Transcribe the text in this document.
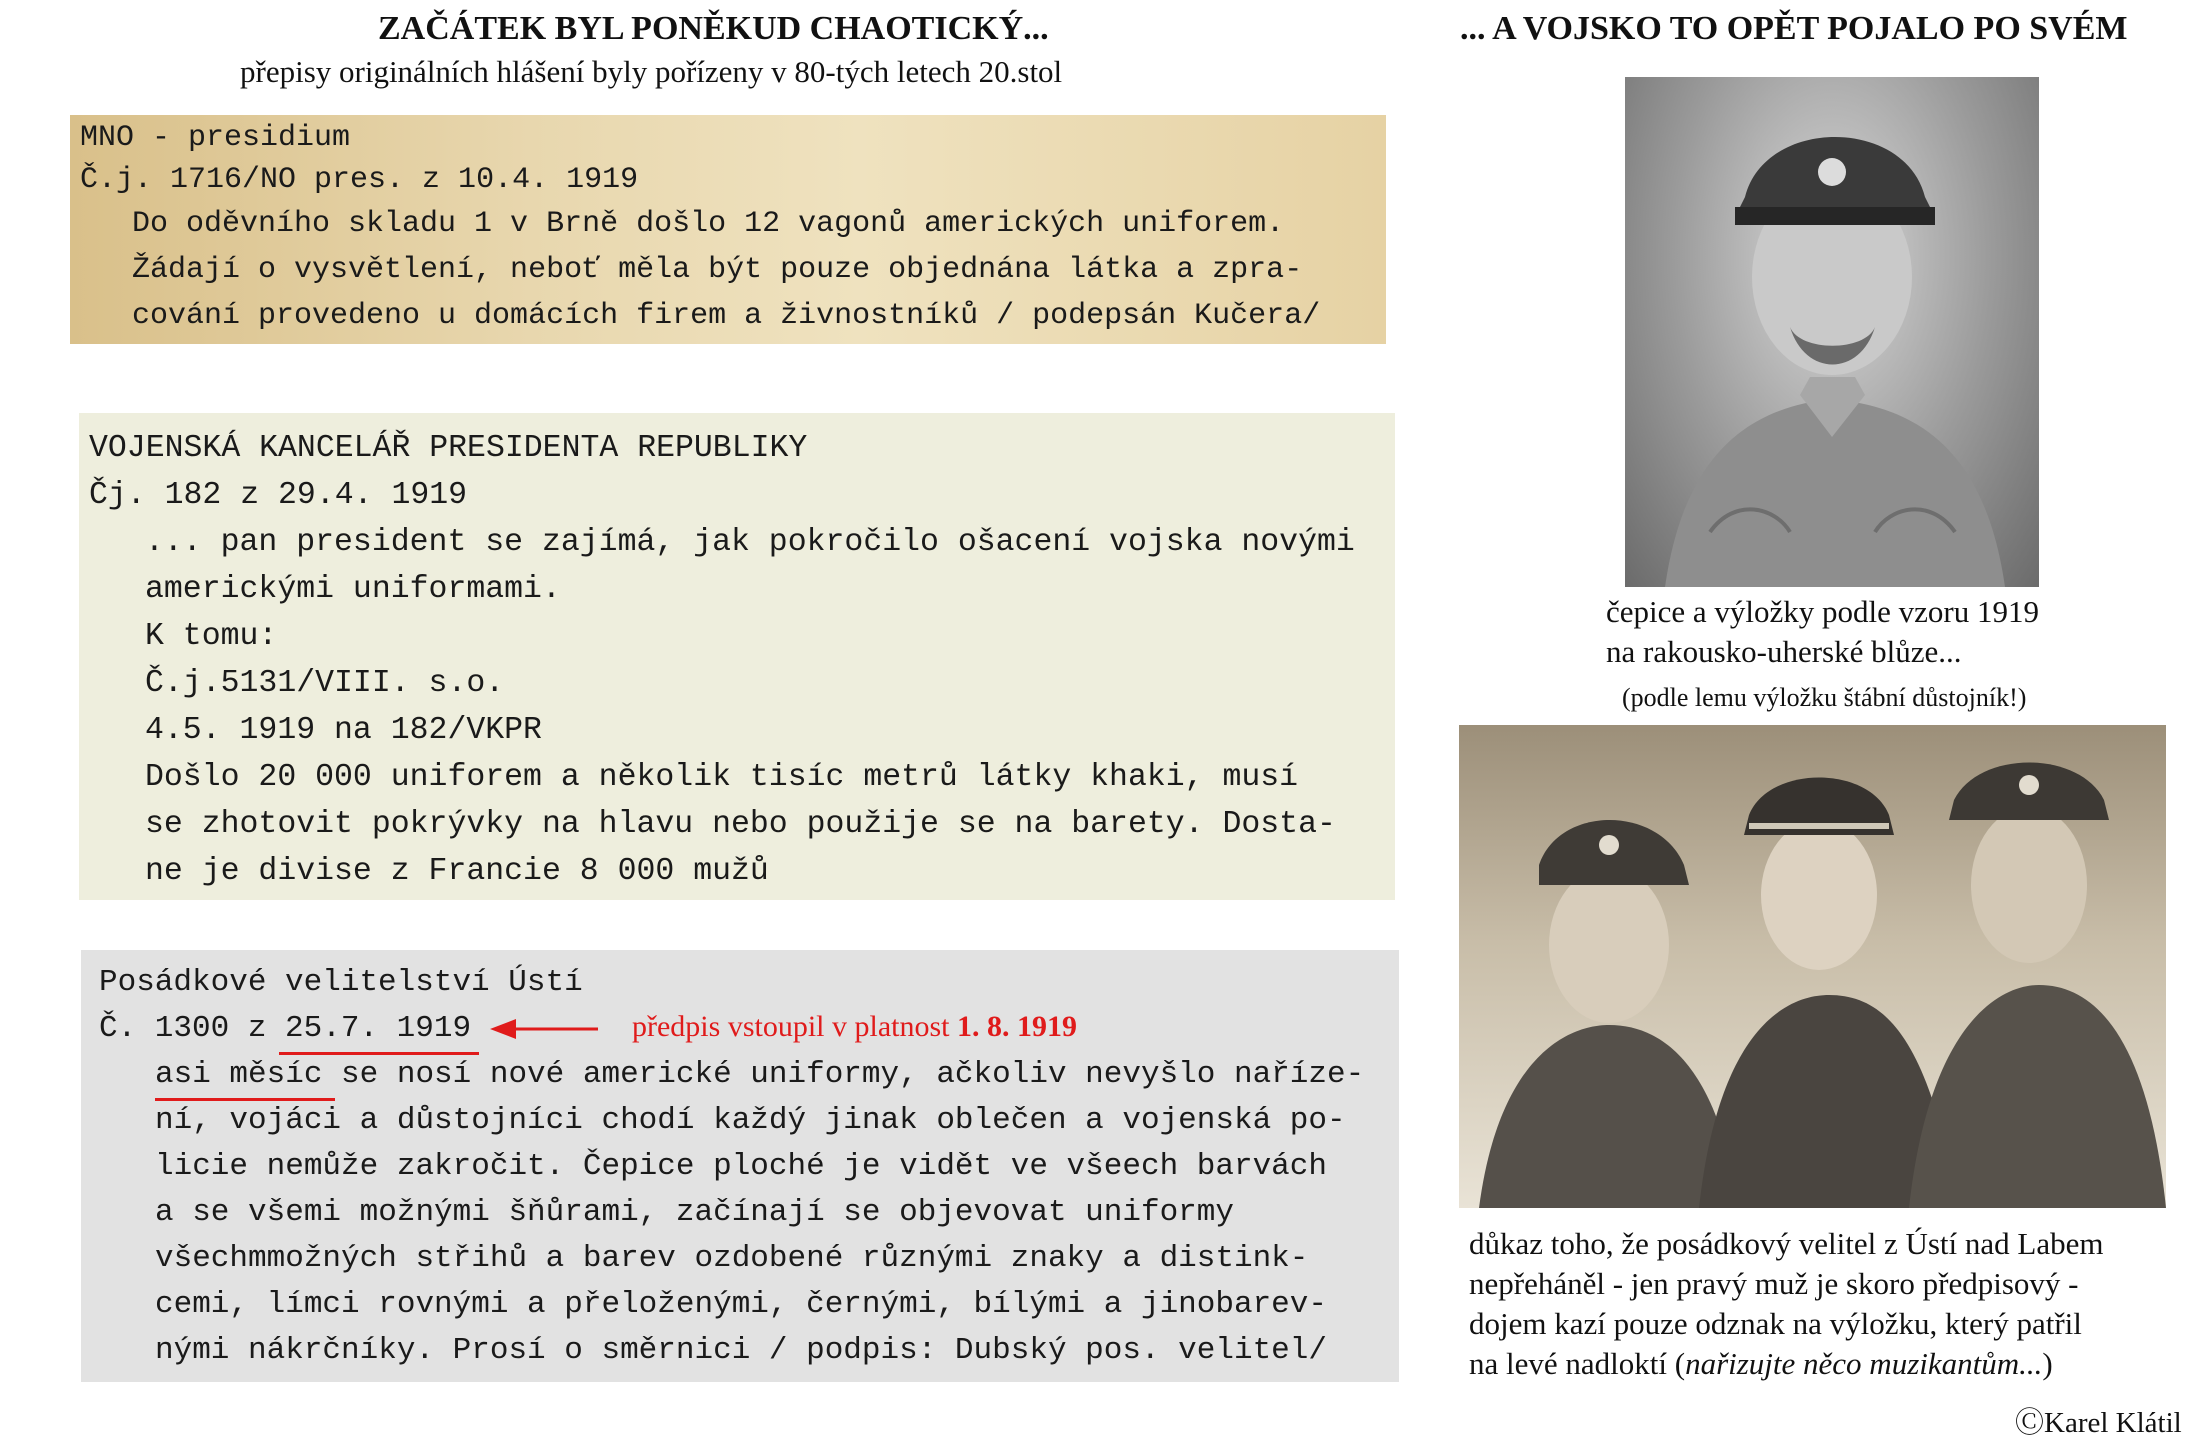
ZAČÁTEK BYL PONĚKUD CHAOTICKÝ...
přepisy originálních hlášení byly pořízeny v 80-tých letech 20.stol
... A VOJSKO TO OPĚT POJALO PO SVÉM
MNO - presidium
Č.j. 1716/NO pres. z 10.4. 1919
Do oděvního skladu 1 v Brně došlo 12 vagonů amerických uniforem.
Žádají o vysvětlení, neboť měla být pouze objednána látka a zpra-
cování provedeno u domácích firem a živnostníků / podepsán Kučera/
VOJENSKÁ KANCELÁŘ PRESIDENTA REPUBLIKY
Čj. 182 z 29.4. 1919
... pan president se zajímá, jak pokročilo ošacení vojska novými
americkými uniformami.
K tomu:
Č.j.5131/VIII. s.o.
4.5. 1919 na 182/VKPR
Došlo 20 000 uniforem a několik tisíc metrů látky khaki, musí
se zhotovit pokrývky na hlavu nebo použije se na barety. Dosta-
ne je divise z Francie 8 000 mužů
Posádkové velitelství Ústí
Č. 1300 z 25.7. 1919
asi měsíc se nosí nové americké uniformy, ačkoliv nevyšlo naříze-
ní, vojáci a důstojníci chodí každý jinak oblečen a vojenská po-
licie nemůže zakročit. Čepice ploché je vidět ve všeech barvách
a se všemi možnými šňůrami, začínají se objevovat uniformy
všechmmožných střihů a barev ozdobené různými znaky a distink-
cemi, límci rovnými a přeloženými, černými, bílými a jinobarev-
nými nákrčníky. Prosí o směrnici / podpis: Dubský pos. velitel/
předpis vstoupil v platnost 1. 8. 1919
čepice a výložky podle vzoru 1919
na rakousko-uherské blůze...
(podle lemu výložku štábní důstojník!)
důkaz toho, že posádkový velitel z Ústí nad Labem
nepřeháněl - jen pravý muž je skoro předpisový -
dojem kazí pouze odznak na výložku, který patřil
na levé nadloktí (nařizujte něco muzikantům...)
ⒸKarel Klátil
